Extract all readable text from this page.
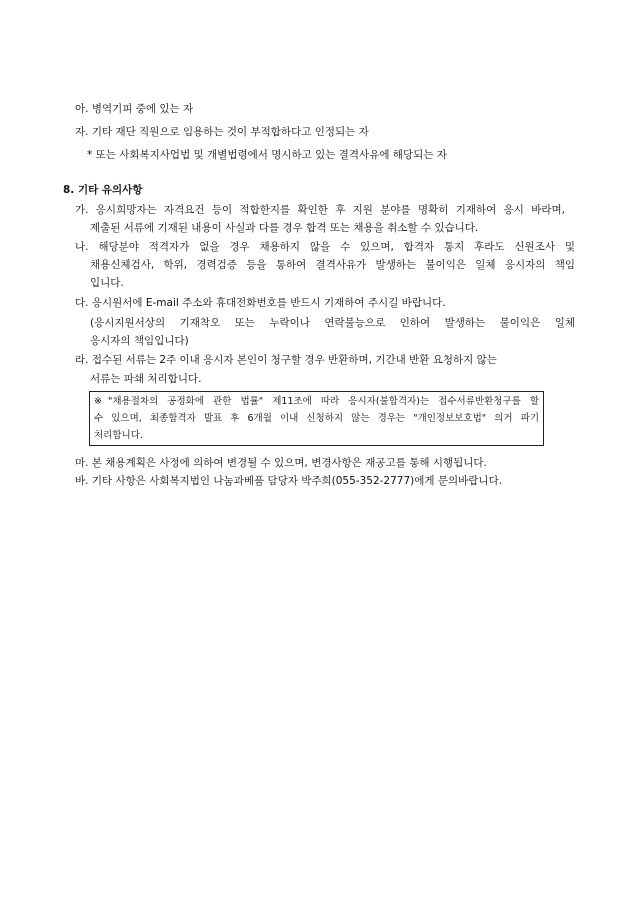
아. 병역기피 중에 있는 자

자. 기타 재단 직원으로 임용하는 것이 부적합하다고 인정되는 자

* 또는 사회복지사업법 및 개별법령에서 명시하고 있는 결격사유에 해당되는 자

8. 기타 유의사항

가. 응시희망자는 자격요건 등이 적합한지를 확인한 후 지원 분야를 명확히 기재하여 응시 바라며,

제출된 서류에 기재된 내용이 사실과 다를 경우 합격 또는 채용을 취소할 수 있습니다.

나. 해당분야 적격자가 없을 경우 채용하지 않을 수 있으며, 합격자 통지 후라도 신원조사 및

채용신체검사, 학위, 경력검증 등을 통하여 결격사유가 발생하는 불이익은 일체 응시자의 책임

입니다.

다. 응시원서에 E-mail 주소와 휴대전화번호를 반드시 기재하여 주시길 바랍니다.

(응시지원서상의 기재착오 또는 누락이나 연락불능으로 인하여 발생하는 불이익은 일체

응시자의 책임입니다)

라. 접수된 서류는 2주 이내 응시자 본인이 청구할 경우 반환하며, 기간내 반환 요청하지 않는

서류는 파쇄 처리합니다.

※"채용절차의 공정화에 관한 법률" 제11조에 따라 응시자(불합격자)는 접수서류반환청구를 할

수 있으며, 최종합격자 발표 후 6개월 이내 신청하지 않는 경우는 "개인정보보호법" 의거 파기

처리합니다.

마. 본 채용계획은 사정에 의하여 변경될 수 있으며, 변경사항은 재공고를 통해 시행됩니다.

바. 기타 사항은 사회복지법인 나눔과베품 담당자 박주희(055-352-2777)에게 문의바랍니다.
